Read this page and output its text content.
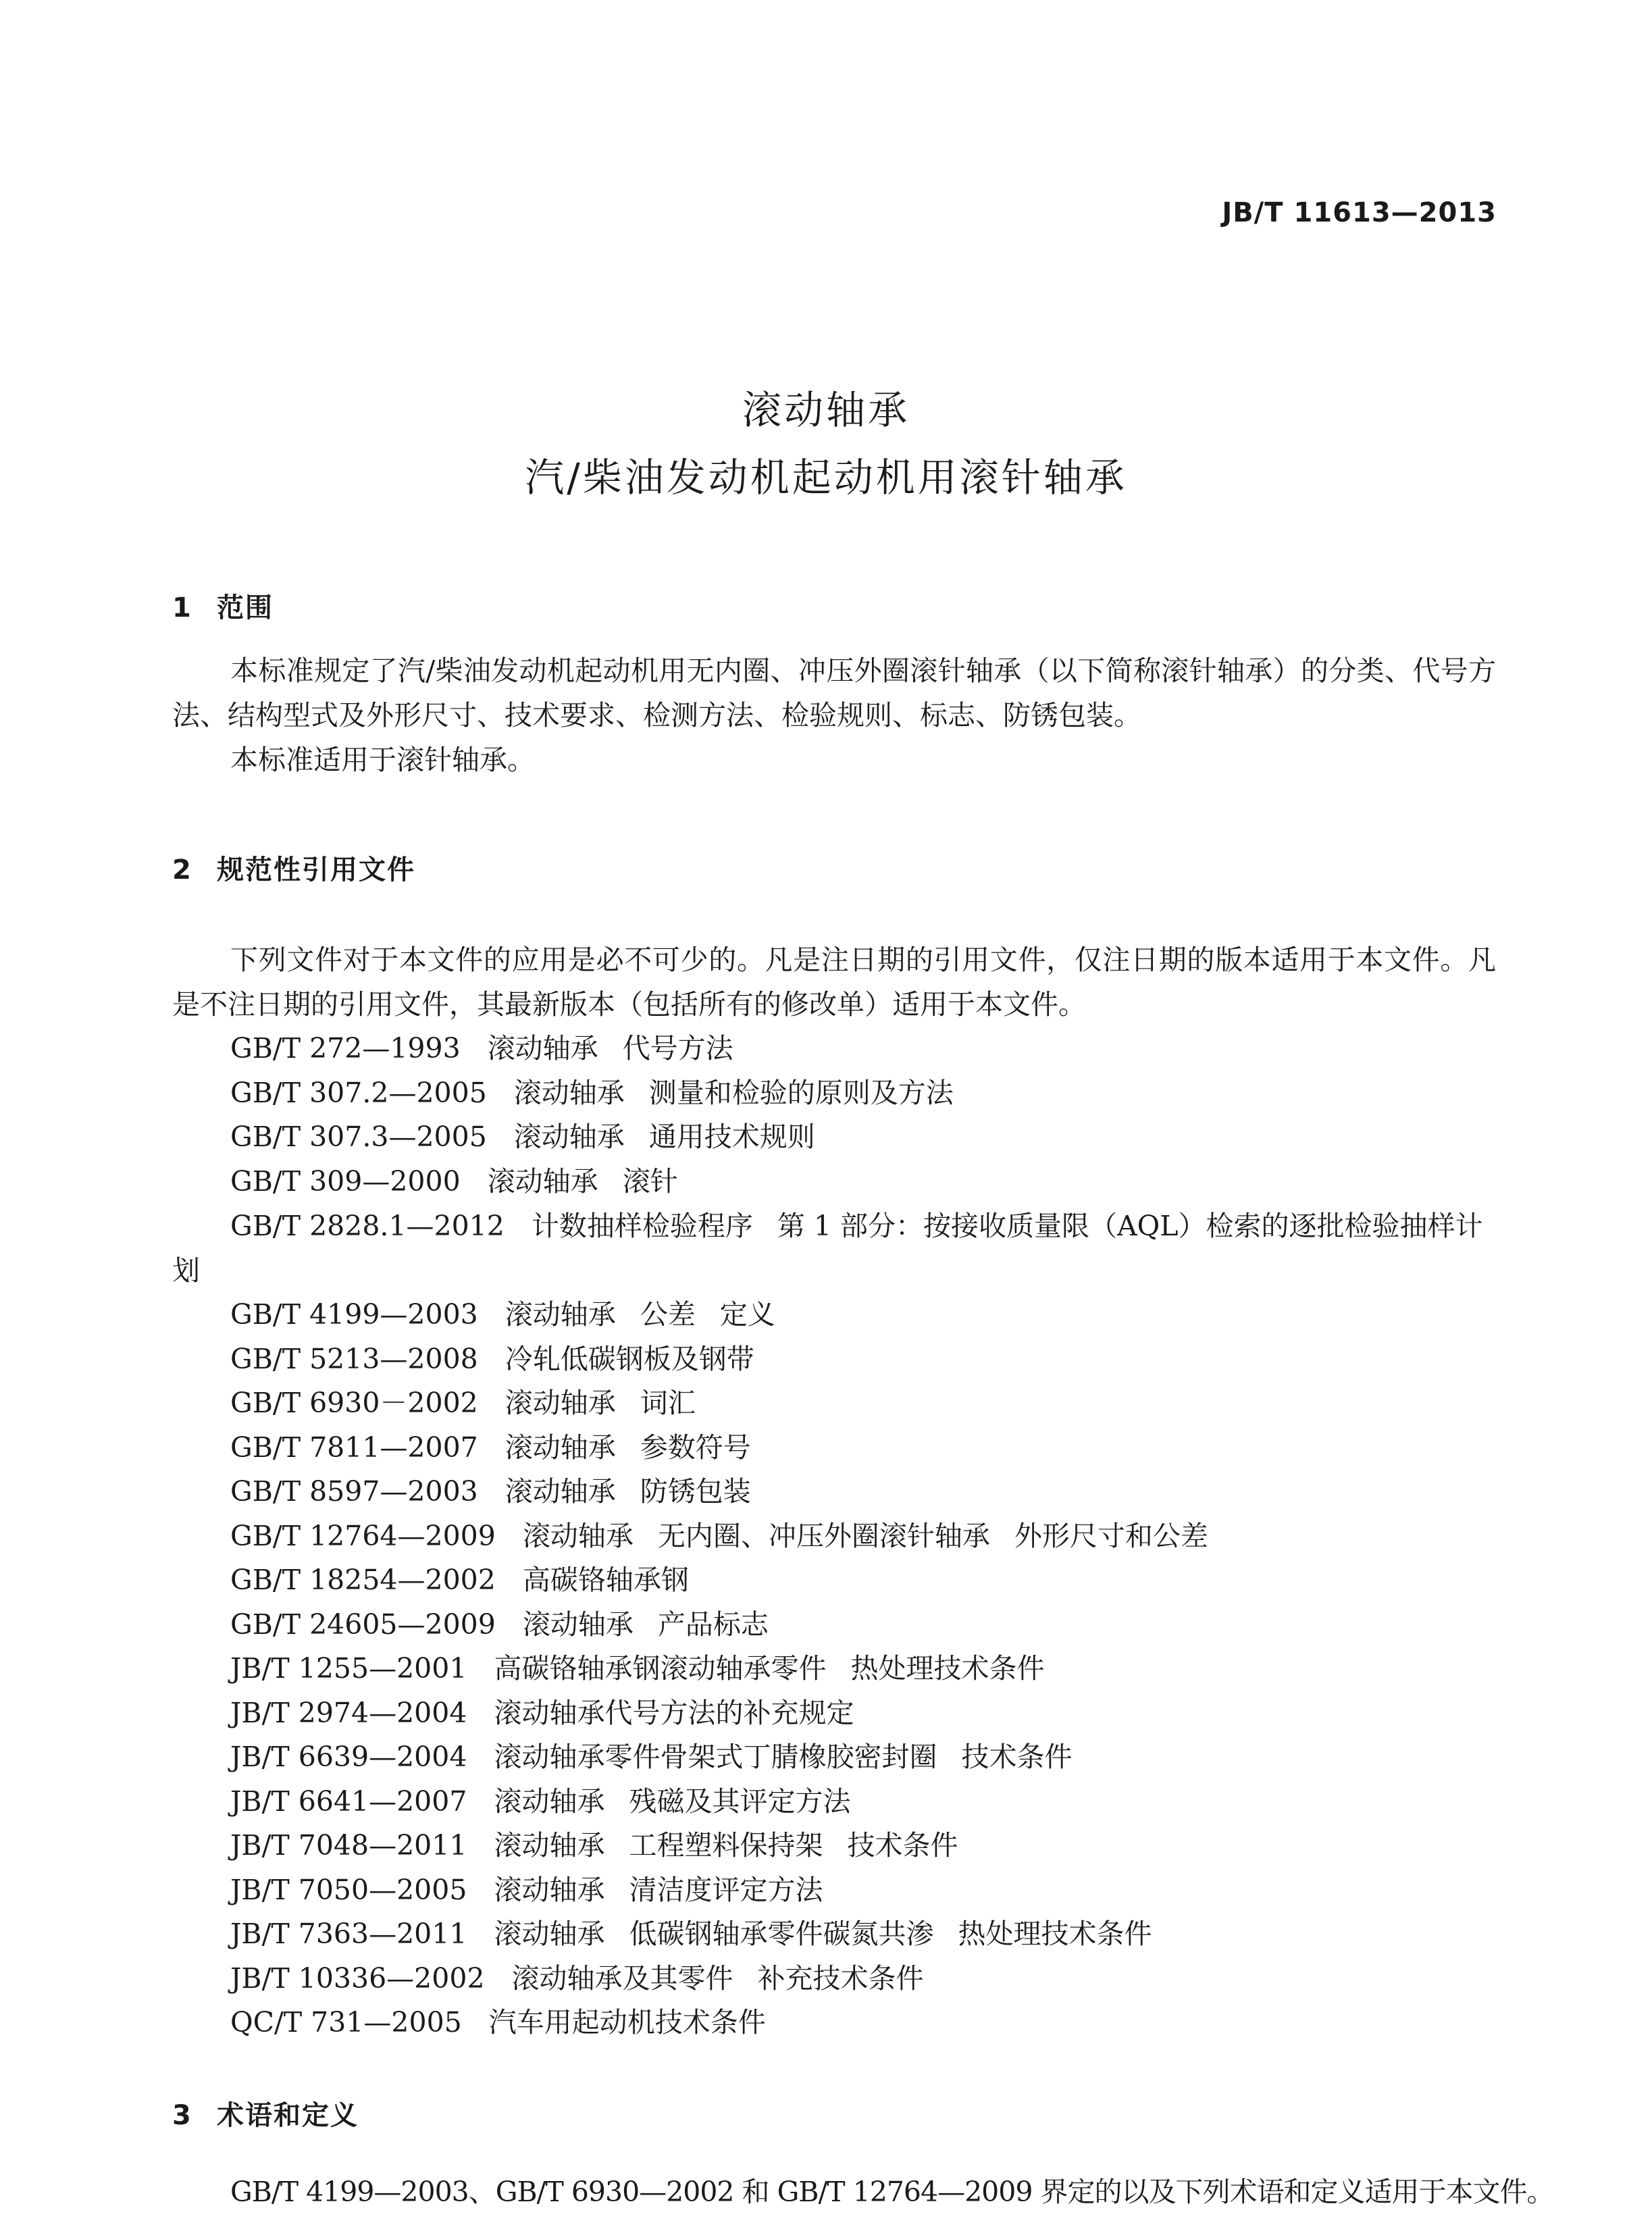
JB/T 11613—2013
滚动轴承
汽/柴油发动机起动机用滚针轴承
1 范围

本标准规定了汽/柴油发动机起动机用无内圈、冲压外圈滚针轴承（以下简称滚针轴承）的分类、代号方法、结构型式及外形尺寸、技术要求、检测方法、检验规则、标志、防锈包装。

本标准适用于滚针轴承。

2 规范性引用文件

下列文件对于本文件的应用是必不可少的。凡是注日期的引用文件，仅注日期的版本适用于本文件。凡是不注日期的引用文件，其最新版本（包括所有的修改单）适用于本文件。

GB/T 272—1993 滚动轴承 代号方法
GB/T 307.2—2005 滚动轴承 测量和检验的原则及方法
GB/T 307.3—2005 滚动轴承 通用技术规则
GB/T 309—2000 滚动轴承 滚针
GB/T 2828.1—2012 计数抽样检验程序 第 1 部分：按接收质量限（AQL）检索的逐批检验抽样计划
GB/T 4199—2003 滚动轴承 公差 定义
GB/T 5213—2008 冷轧低碳钢板及钢带
GB/T 6930－2002 滚动轴承 词汇
GB/T 7811—2007 滚动轴承 参数符号
GB/T 8597—2003 滚动轴承 防锈包装
GB/T 12764—2009 滚动轴承 无内圈、冲压外圈滚针轴承 外形尺寸和公差
GB/T 18254—2002 高碳铬轴承钢
GB/T 24605—2009 滚动轴承 产品标志
JB/T 1255—2001 高碳铬轴承钢滚动轴承零件 热处理技术条件
JB/T 2974—2004 滚动轴承代号方法的补充规定
JB/T 6639—2004 滚动轴承零件骨架式丁腈橡胶密封圈 技术条件
JB/T 6641—2007 滚动轴承 残磁及其评定方法
JB/T 7048—2011 滚动轴承 工程塑料保持架 技术条件
JB/T 7050—2005 滚动轴承 清洁度评定方法
JB/T 7363—2011 滚动轴承 低碳钢轴承零件碳氮共渗 热处理技术条件
JB/T 10336—2002 滚动轴承及其零件 补充技术条件
QC/T 731—2005 汽车用起动机技术条件
3 术语和定义

GB/T 4199—2003、GB/T 6930—2002 和 GB/T 12764—2009 界定的以及下列术语和定义适用于本文件。
